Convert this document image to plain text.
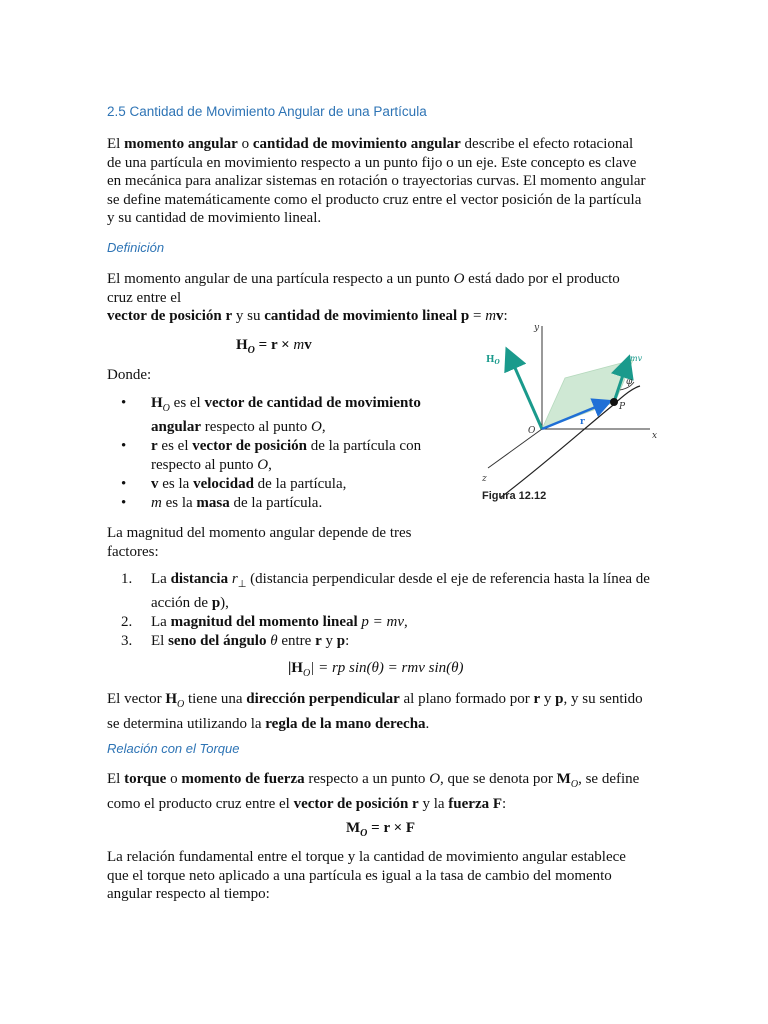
2.5 Cantidad de Movimiento Angular de una Partícula
El momento angular o cantidad de movimiento angular describe el efecto rotacional de una partícula en movimiento respecto a un punto fijo o un eje. Este concepto es clave en mecánica para analizar sistemas en rotación o trayectorias curvas. El momento angular se define matemáticamente como el producto cruz entre el vector posición de la partícula y su cantidad de movimiento lineal.
Definición
El momento angular de una partícula respecto a un punto O está dado por el producto cruz entre el
vector de posición r y su cantidad de movimiento lineal p = mv:
$H_O = r$ × mv
Donde:
• $H_O$ es el vector de cantidad de movimiento angular respecto al punto O,
• r es el vector de posición de la partícula con respecto al punto O,
• v es la velocidad de la partícula,
• m es la masa de la partícula.
La magnitud del momento angular depende de tres factores:
1. La distancia $r_\perp$ (distancia perpendicular desde el eje de referencia hasta la línea de acción de p),
2. La magnitud del momento lineal p = mv,
3. El seno del ángulo θ entre r y p:
$|H_O|$ = rp sin(θ) = rmv sin(θ)
El vector $H_O$ tiene una dirección perpendicular al plano formado por r y p, y su sentido se determina utilizando la regla de la mano derecha.
Relación con el Torque
El torque o momento de fuerza respecto a un punto O, que se denota por $M_O$, se define como el producto cruz entre el vector de posición r y la fuerza F:
$M_O = r \times F$
La relación fundamental entre el torque y la cantidad de movimiento angular establece que el torque neto aplicado a una partícula es igual a la tasa de cambio del momento angular respecto al tiempo:
y
x
z
O
r
P
mv
φ
$H_O$
Figura 12.12
